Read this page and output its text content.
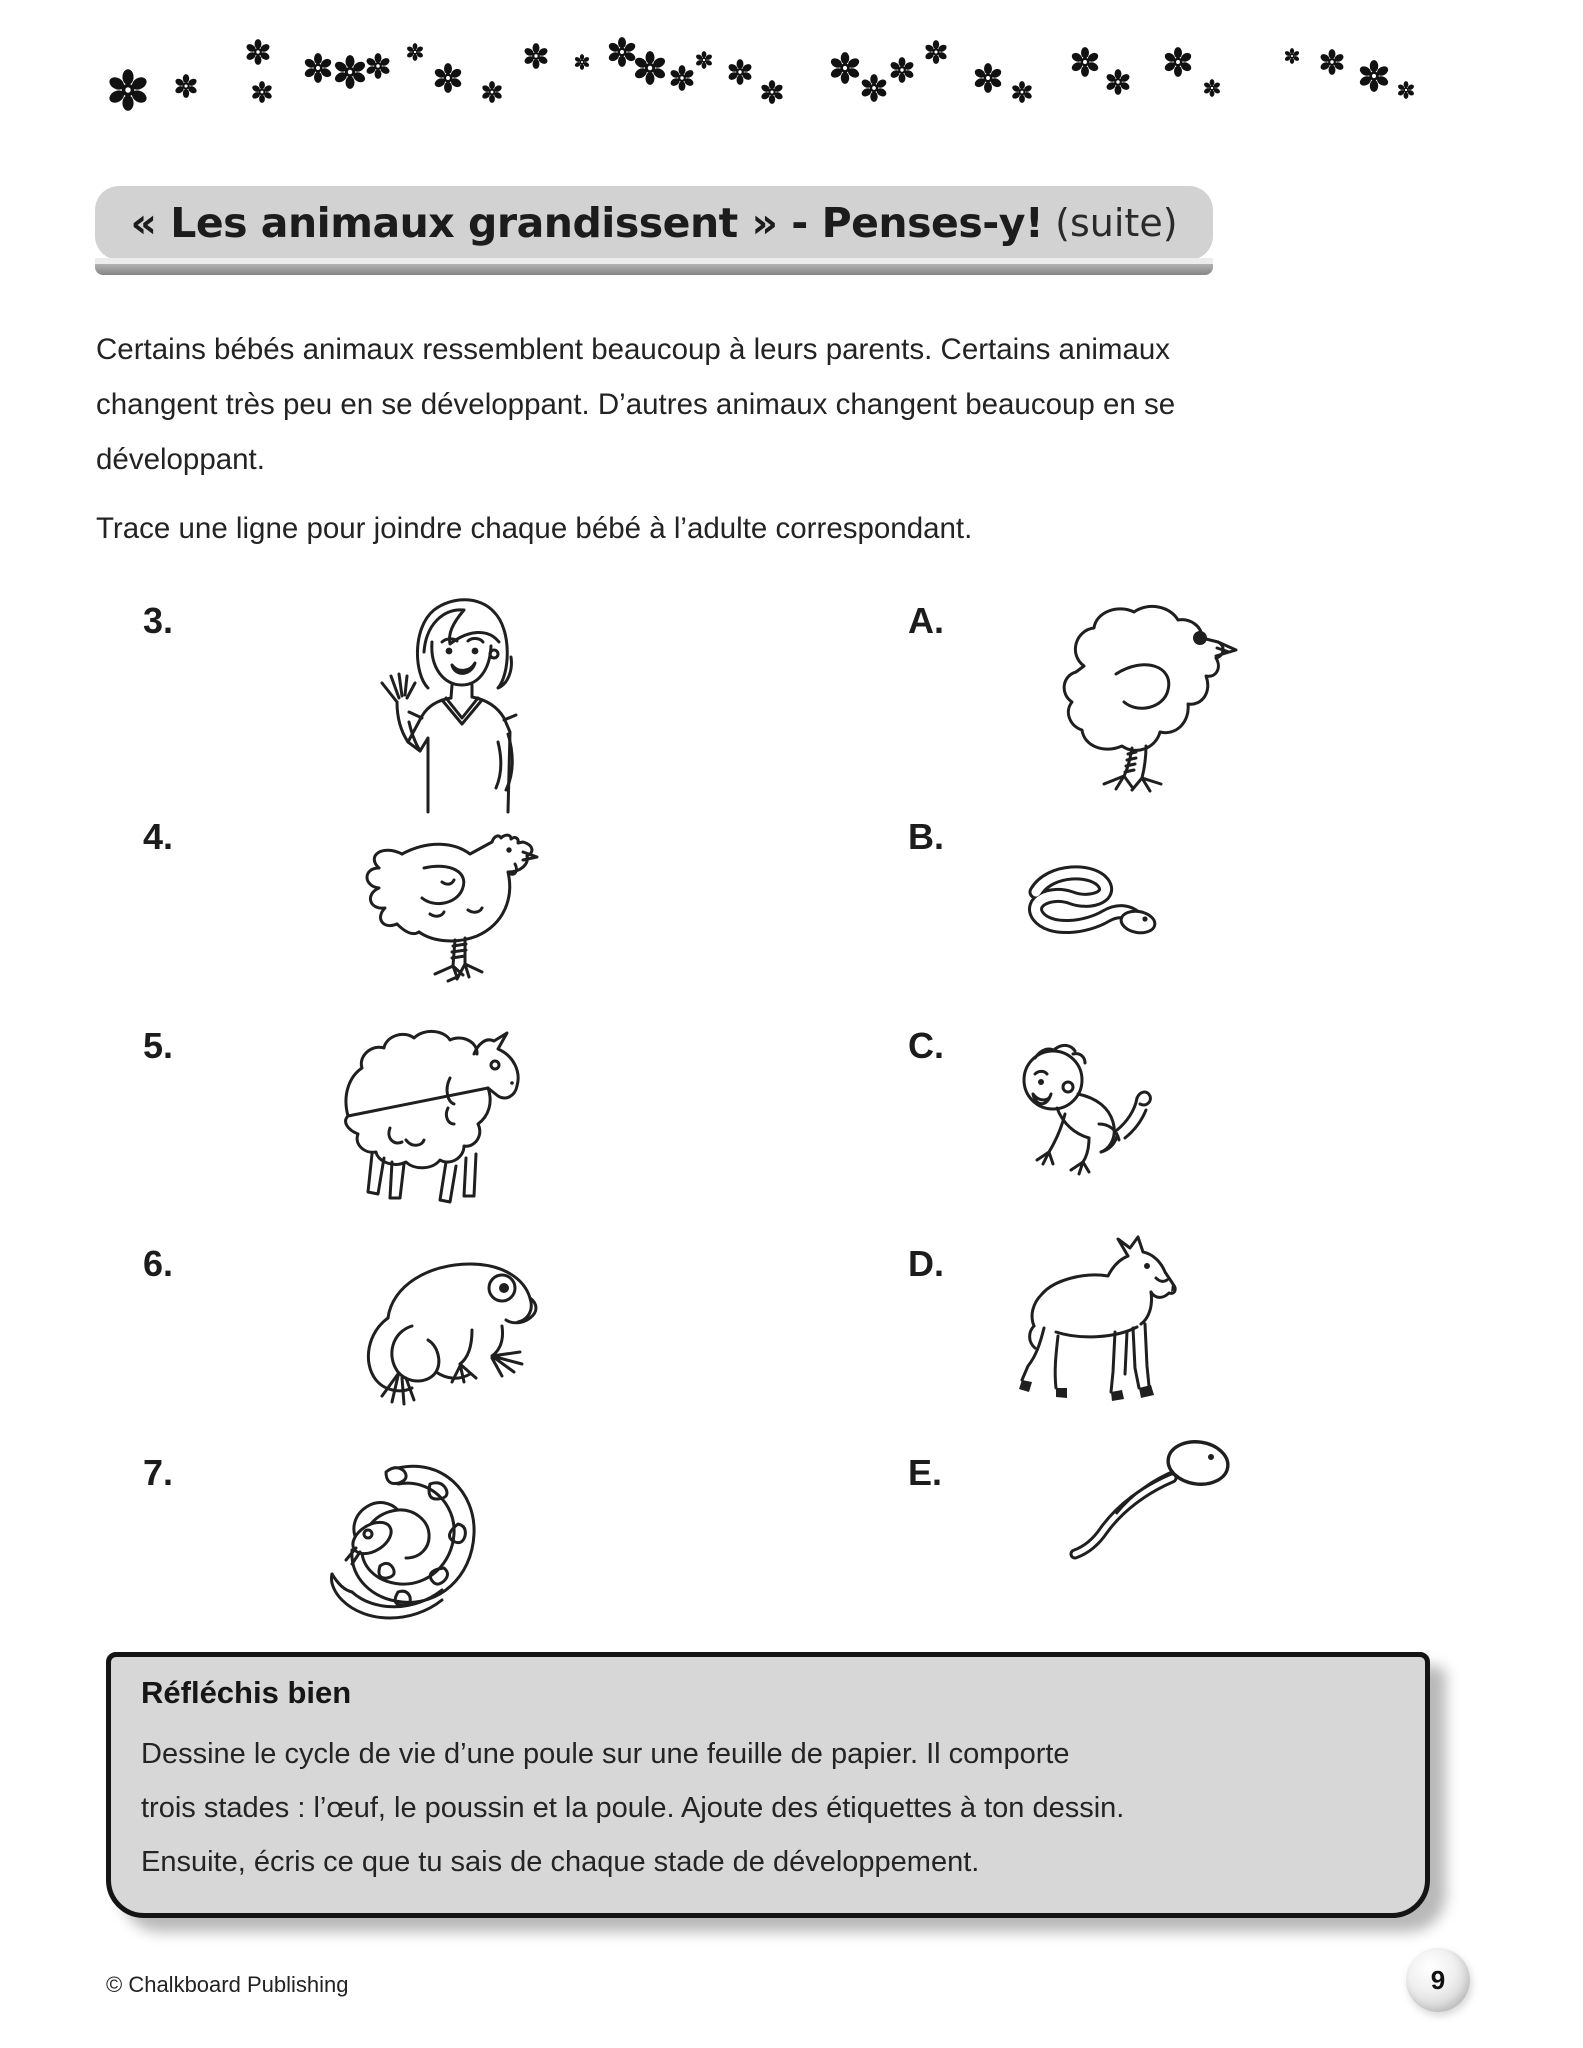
« Les animaux grandissent » - Penses-y! (suite)
Certains bébés animaux ressemblent beaucoup à leurs parents. Certains animaux
changent très peu en se développant. D’autres animaux changent beaucoup en se
développant.
Trace une ligne pour joindre chaque bébé à l’adulte correspondant.
3.
4.
5.
6.
7.
A.
B.
C.
D.
E.
Réfléchis bien
Dessine le cycle de vie d’une poule sur une feuille de papier. Il comporte
trois stades : l’œuf, le poussin et la poule. Ajoute des étiquettes à ton dessin.
Ensuite, écris ce que tu sais de chaque stade de développement.
© Chalkboard Publishing	9
